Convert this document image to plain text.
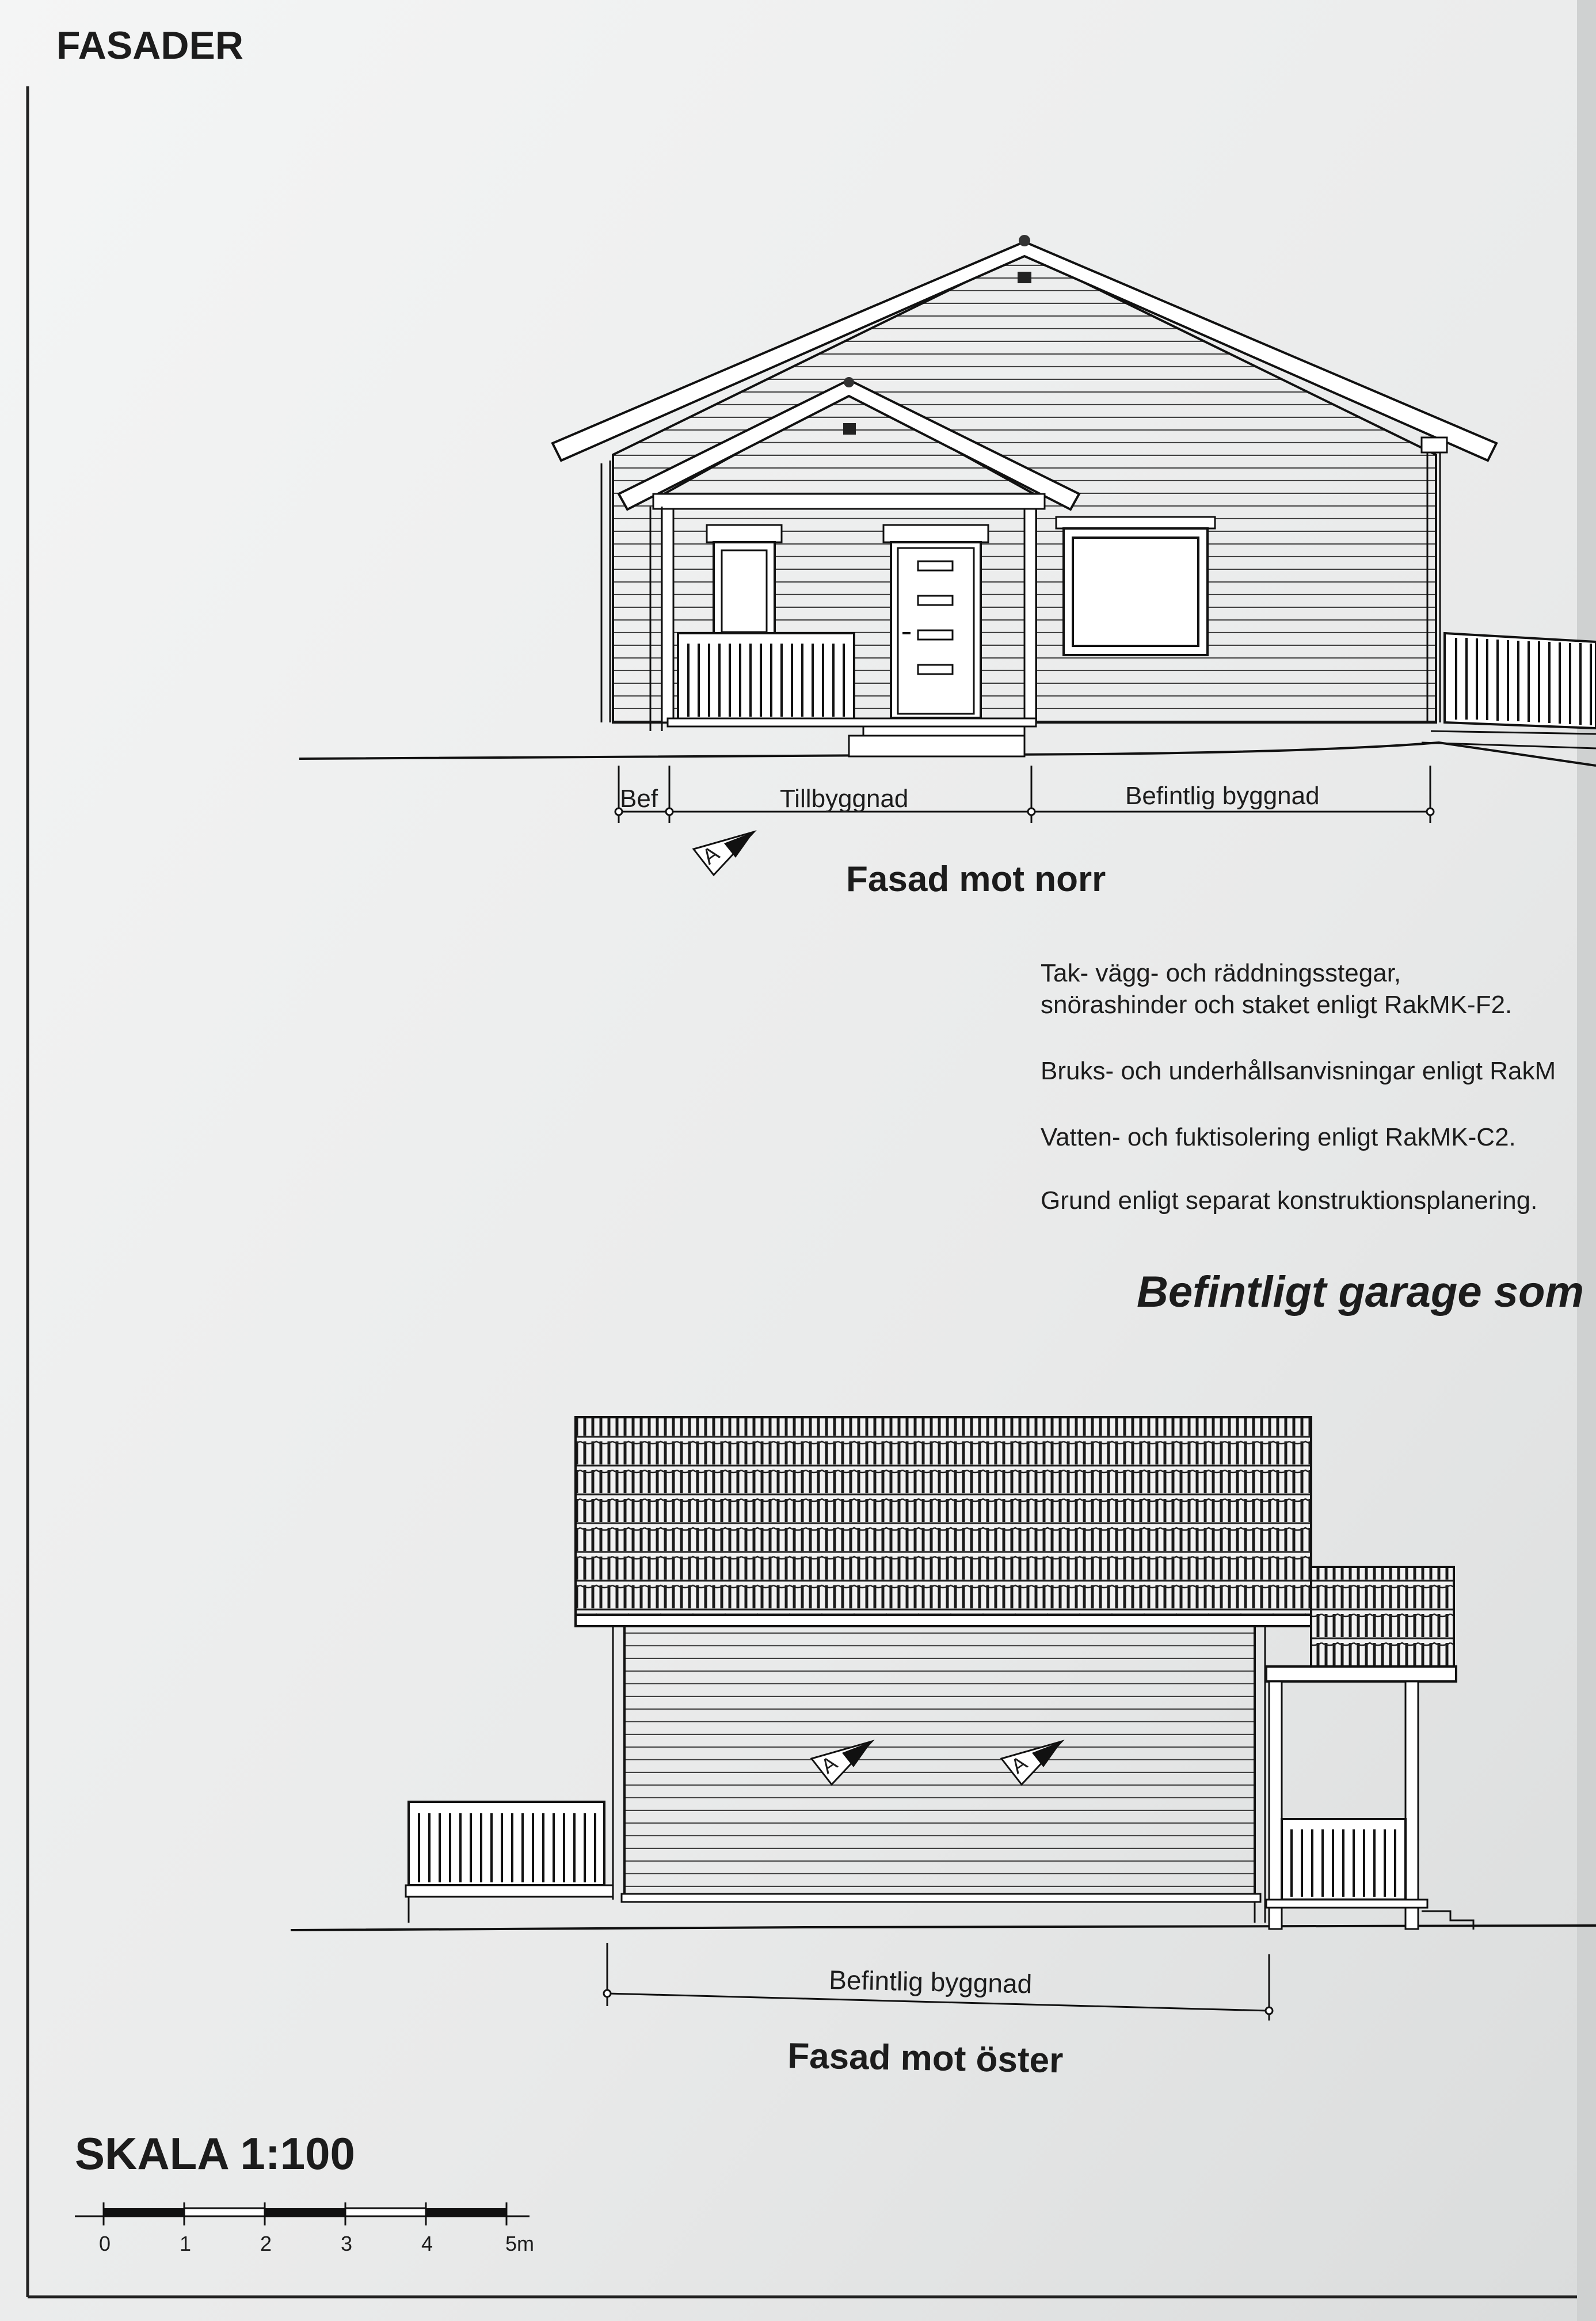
FASADER
Bef	Tillbyggnad	Befintlig byggnad
A
Fasad mot norr
Tak- vägg- och räddningsstegar,
snörashinder och staket enligt RakMK-F2.
Bruks- och underhållsanvisningar enligt RakM
Vatten- och fuktisolering enligt RakMK-C2.
Grund enligt separat konstruktionsplanering.
Befintligt garage som
A	A
Befintlig byggnad
Fasad mot öster
SKALA 1:100
0	1	2	3	4	5m
